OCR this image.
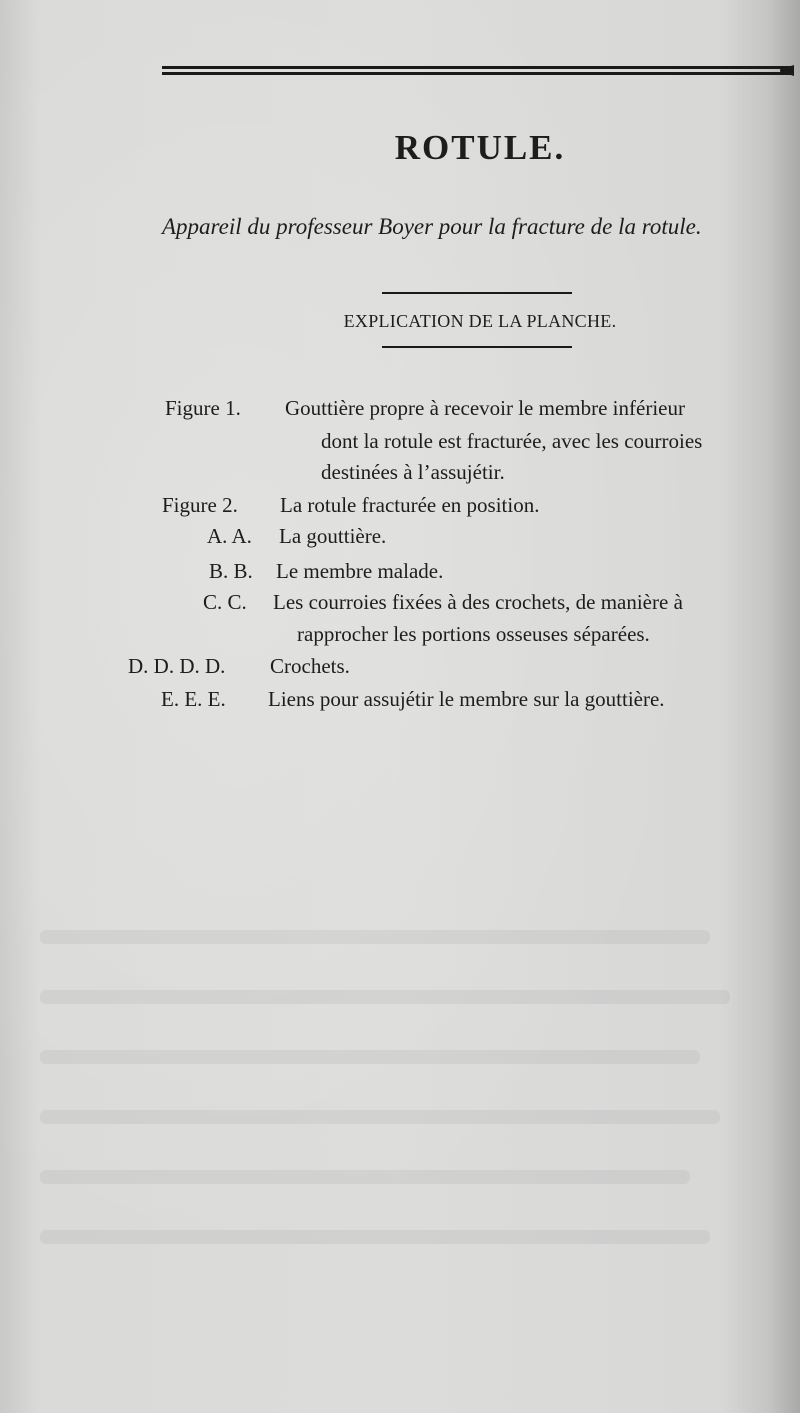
ROTULE.
Appareil du professeur Boyer pour la fracture de la rotule.
EXPLICATION DE LA PLANCHE.
Figure 1. Gouttière propre à recevoir le membre inférieur
dont la rotule est fracturée, avec les courroies
destinées à l’assujétir.
Figure 2. La rotule fracturée en position.
A. A. La gouttière.
B. B. Le membre malade.
C. C. Les courroies fixées à des crochets, de manière à
rapprocher les portions osseuses séparées.
D. D. D. D. Crochets.
E. E. E. Liens pour assujétir le membre sur la gouttière.
